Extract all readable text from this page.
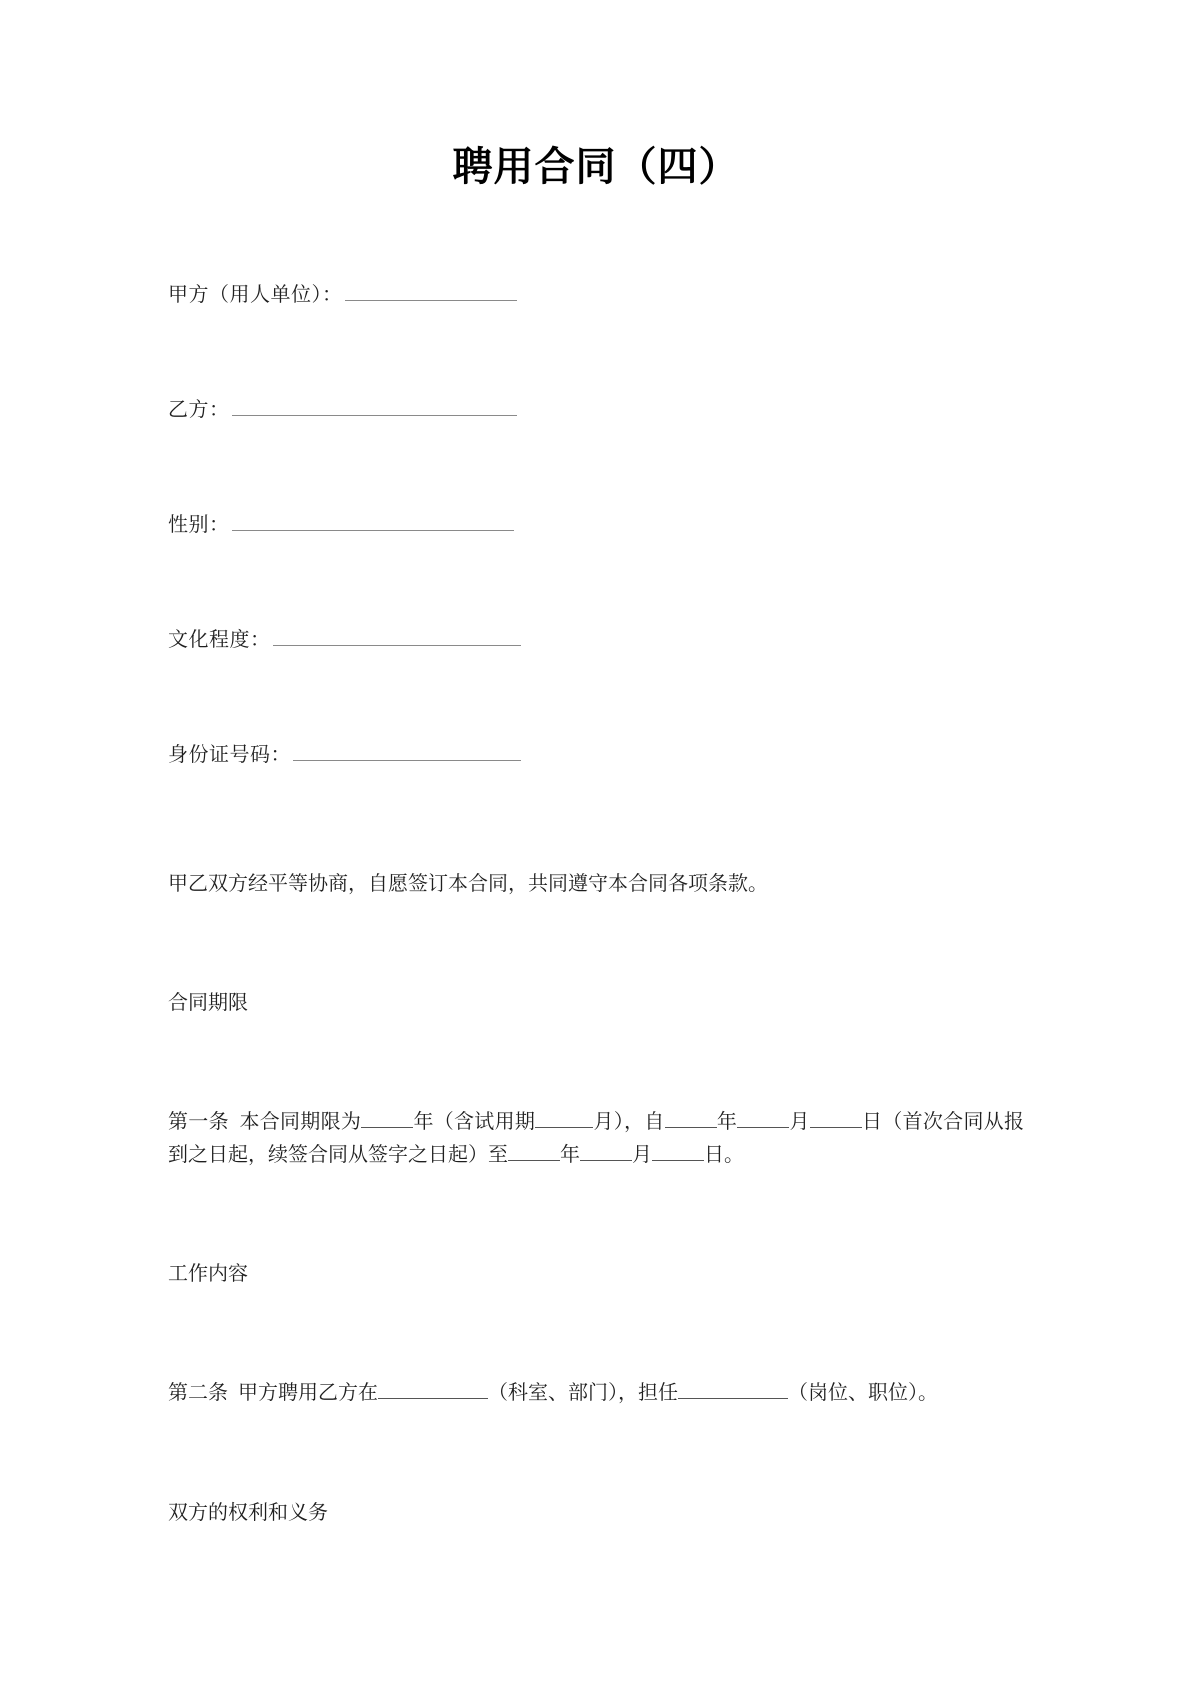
聘用合同（四）
甲方（用人单位）：
乙方：
性别：
文化程度：
身份证号码：

甲乙双方经平等协商，自愿签订本合同，共同遵守本合同各项条款。

合同期限

第一条 本合同期限为	年（含试用期	月），自	年	月	日（首次合同从报到之日起，续签合同从签字之日起）至	年	月	日。

工作内容

第二条 甲方聘用乙方在	（科室、部门），担任	（岗位、职位）。

双方的权利和义务
